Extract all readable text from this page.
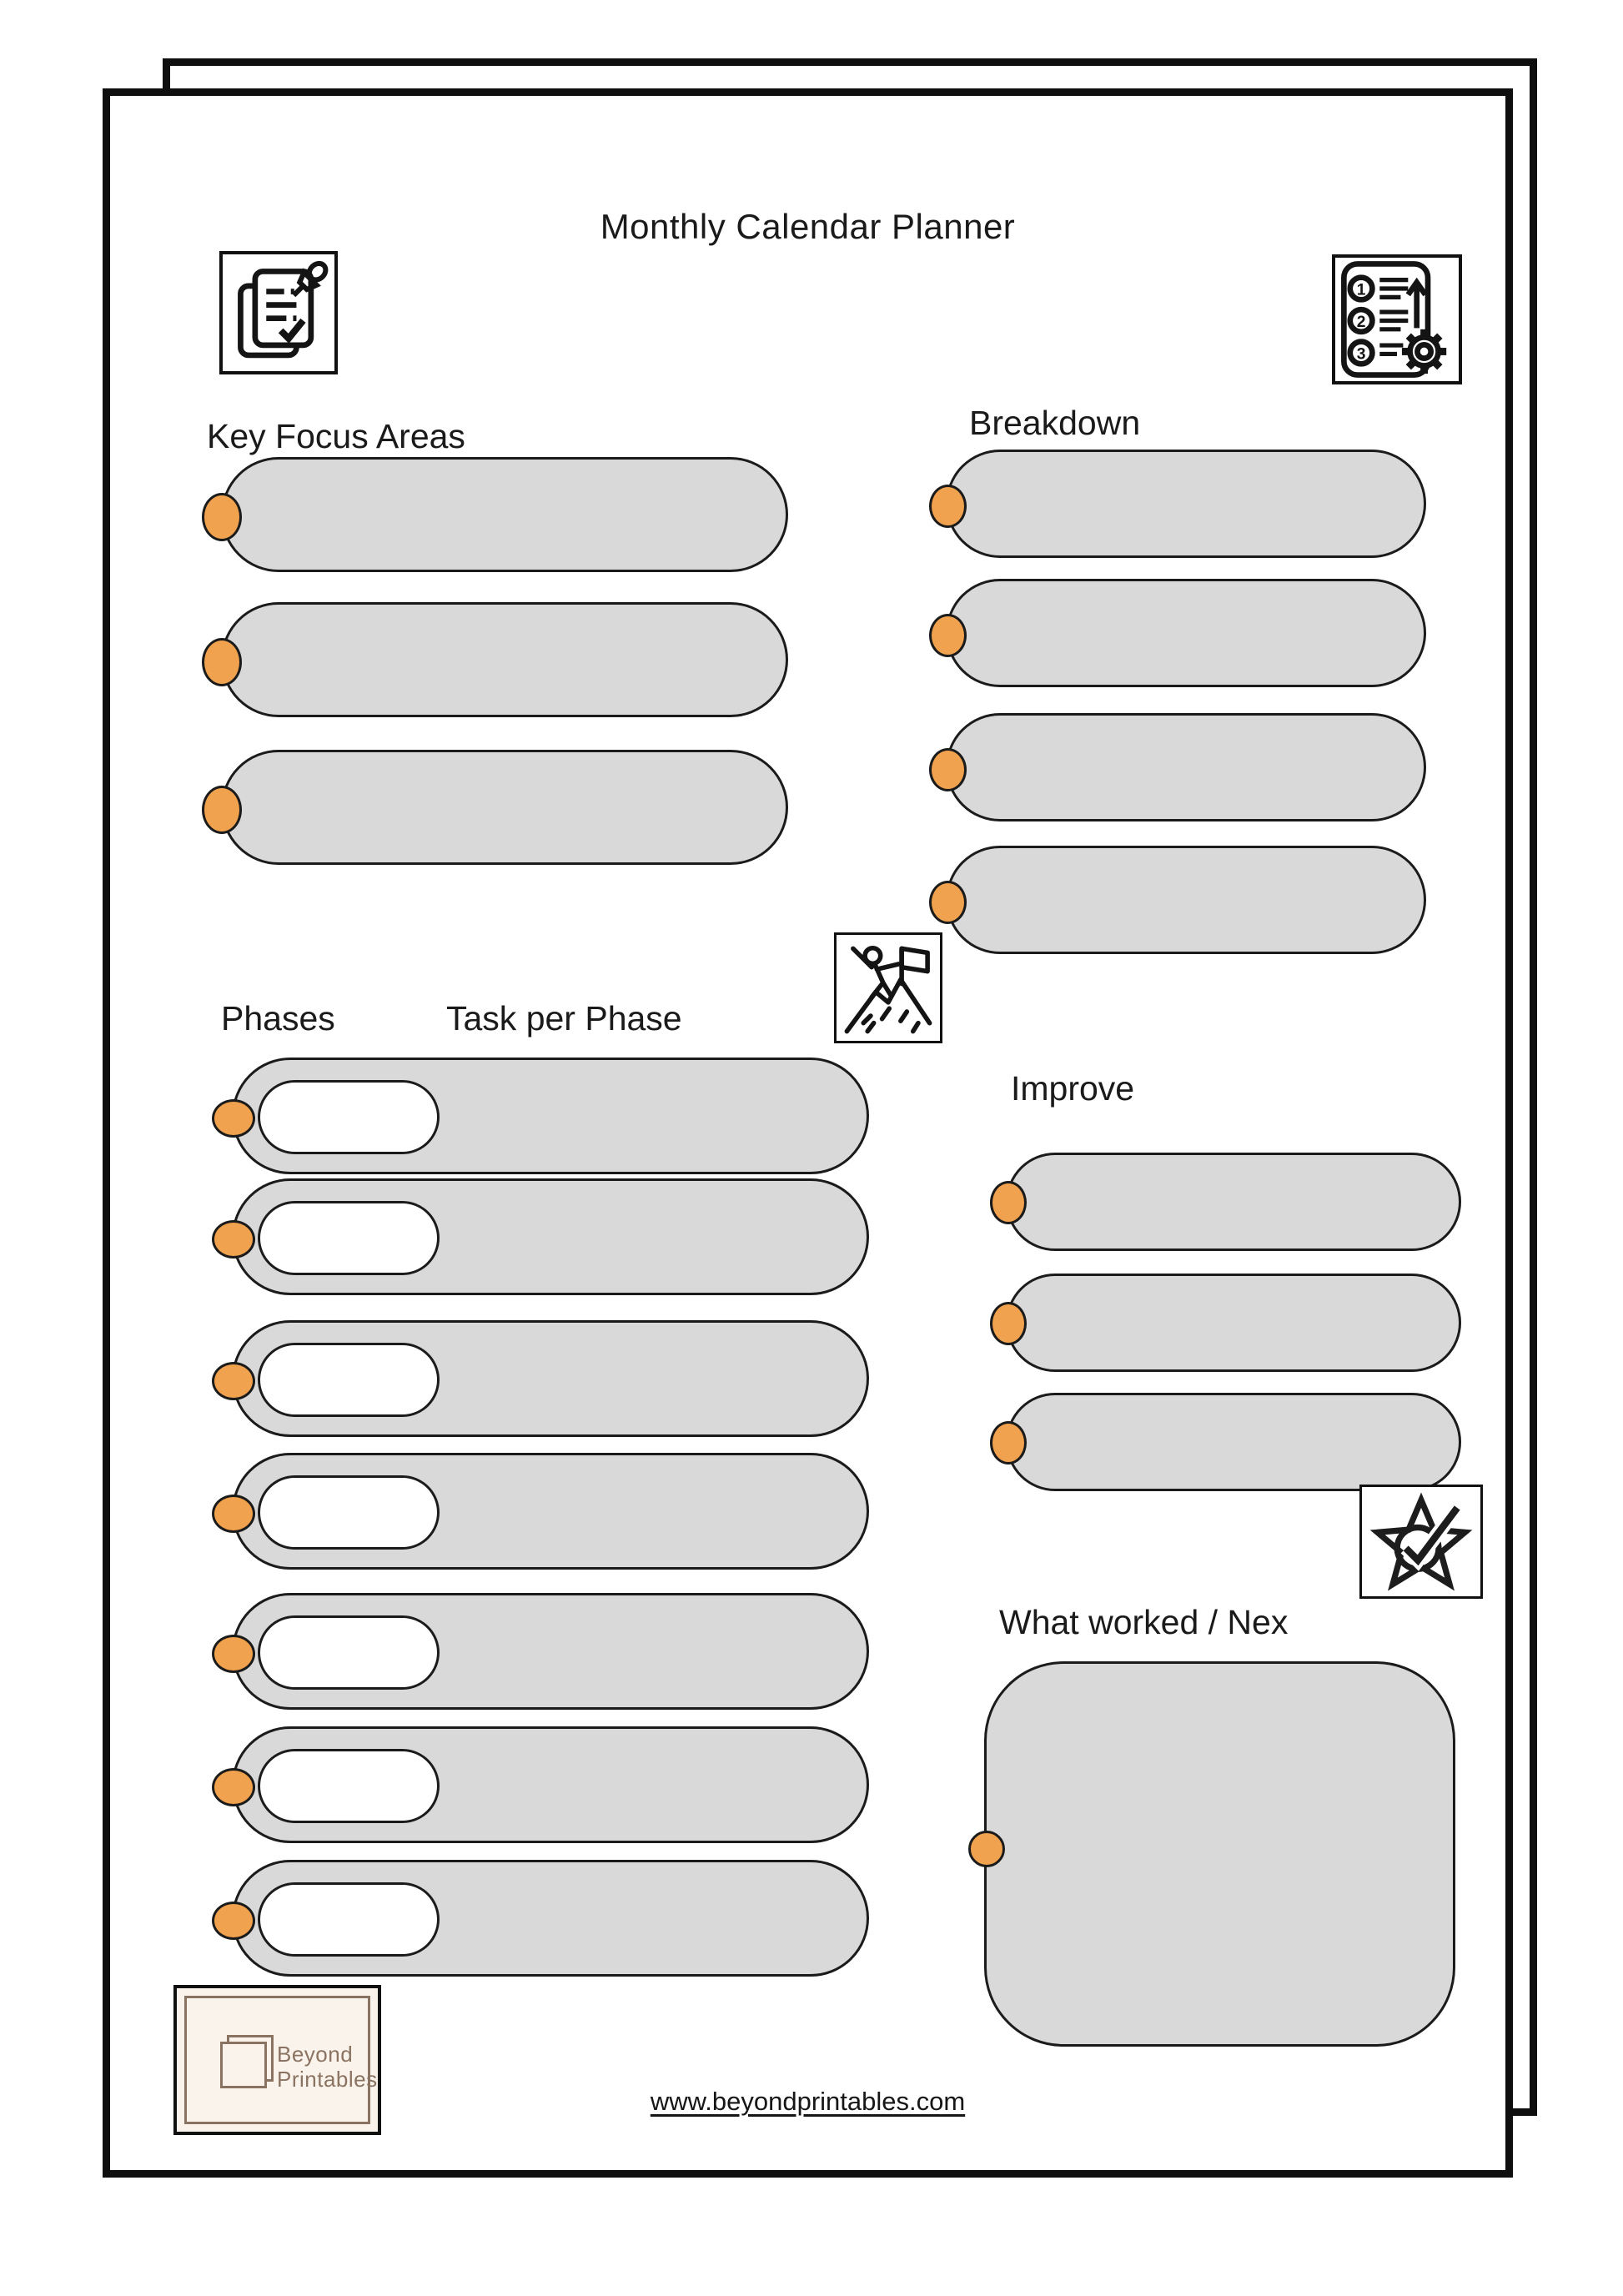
Monthly Calendar Planner
1
2
3
Key Focus Areas	Breakdown
Phases	Task per Phase
Improve
What worked / Nex
Beyond
Printables
www.beyondprintables.com
